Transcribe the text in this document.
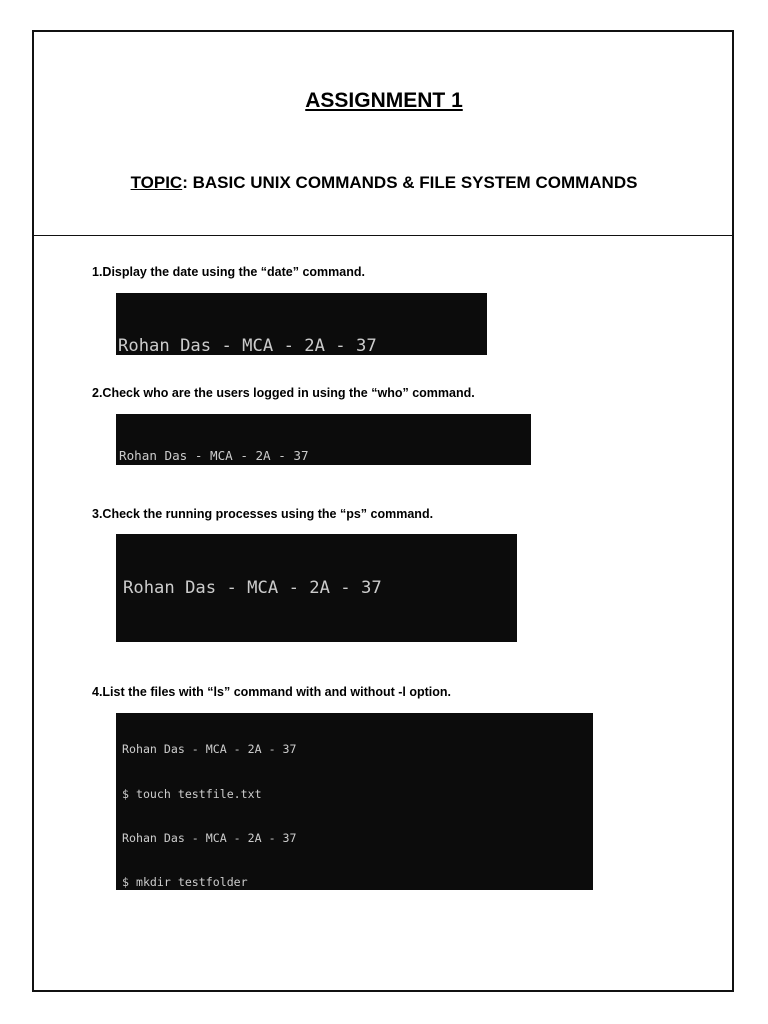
ASSIGNMENT 1
TOPIC: BASIC UNIX COMMANDS & FILE SYSTEM COMMANDS
1.Display the date using the “date” command.

Rohan Das - MCA - 2A - 37

2.Check who are the users logged in using the “who” command.

Rohan Das - MCA - 2A - 37

3.Check the running processes using the “ps” command.

Rohan Das - MCA - 2A - 37

4.List the files with “ls” command with and without -l option.

Rohan Das - MCA - 2A - 37

$ touch testfile.txt

Rohan Das - MCA - 2A - 37

$ mkdir testfolder
